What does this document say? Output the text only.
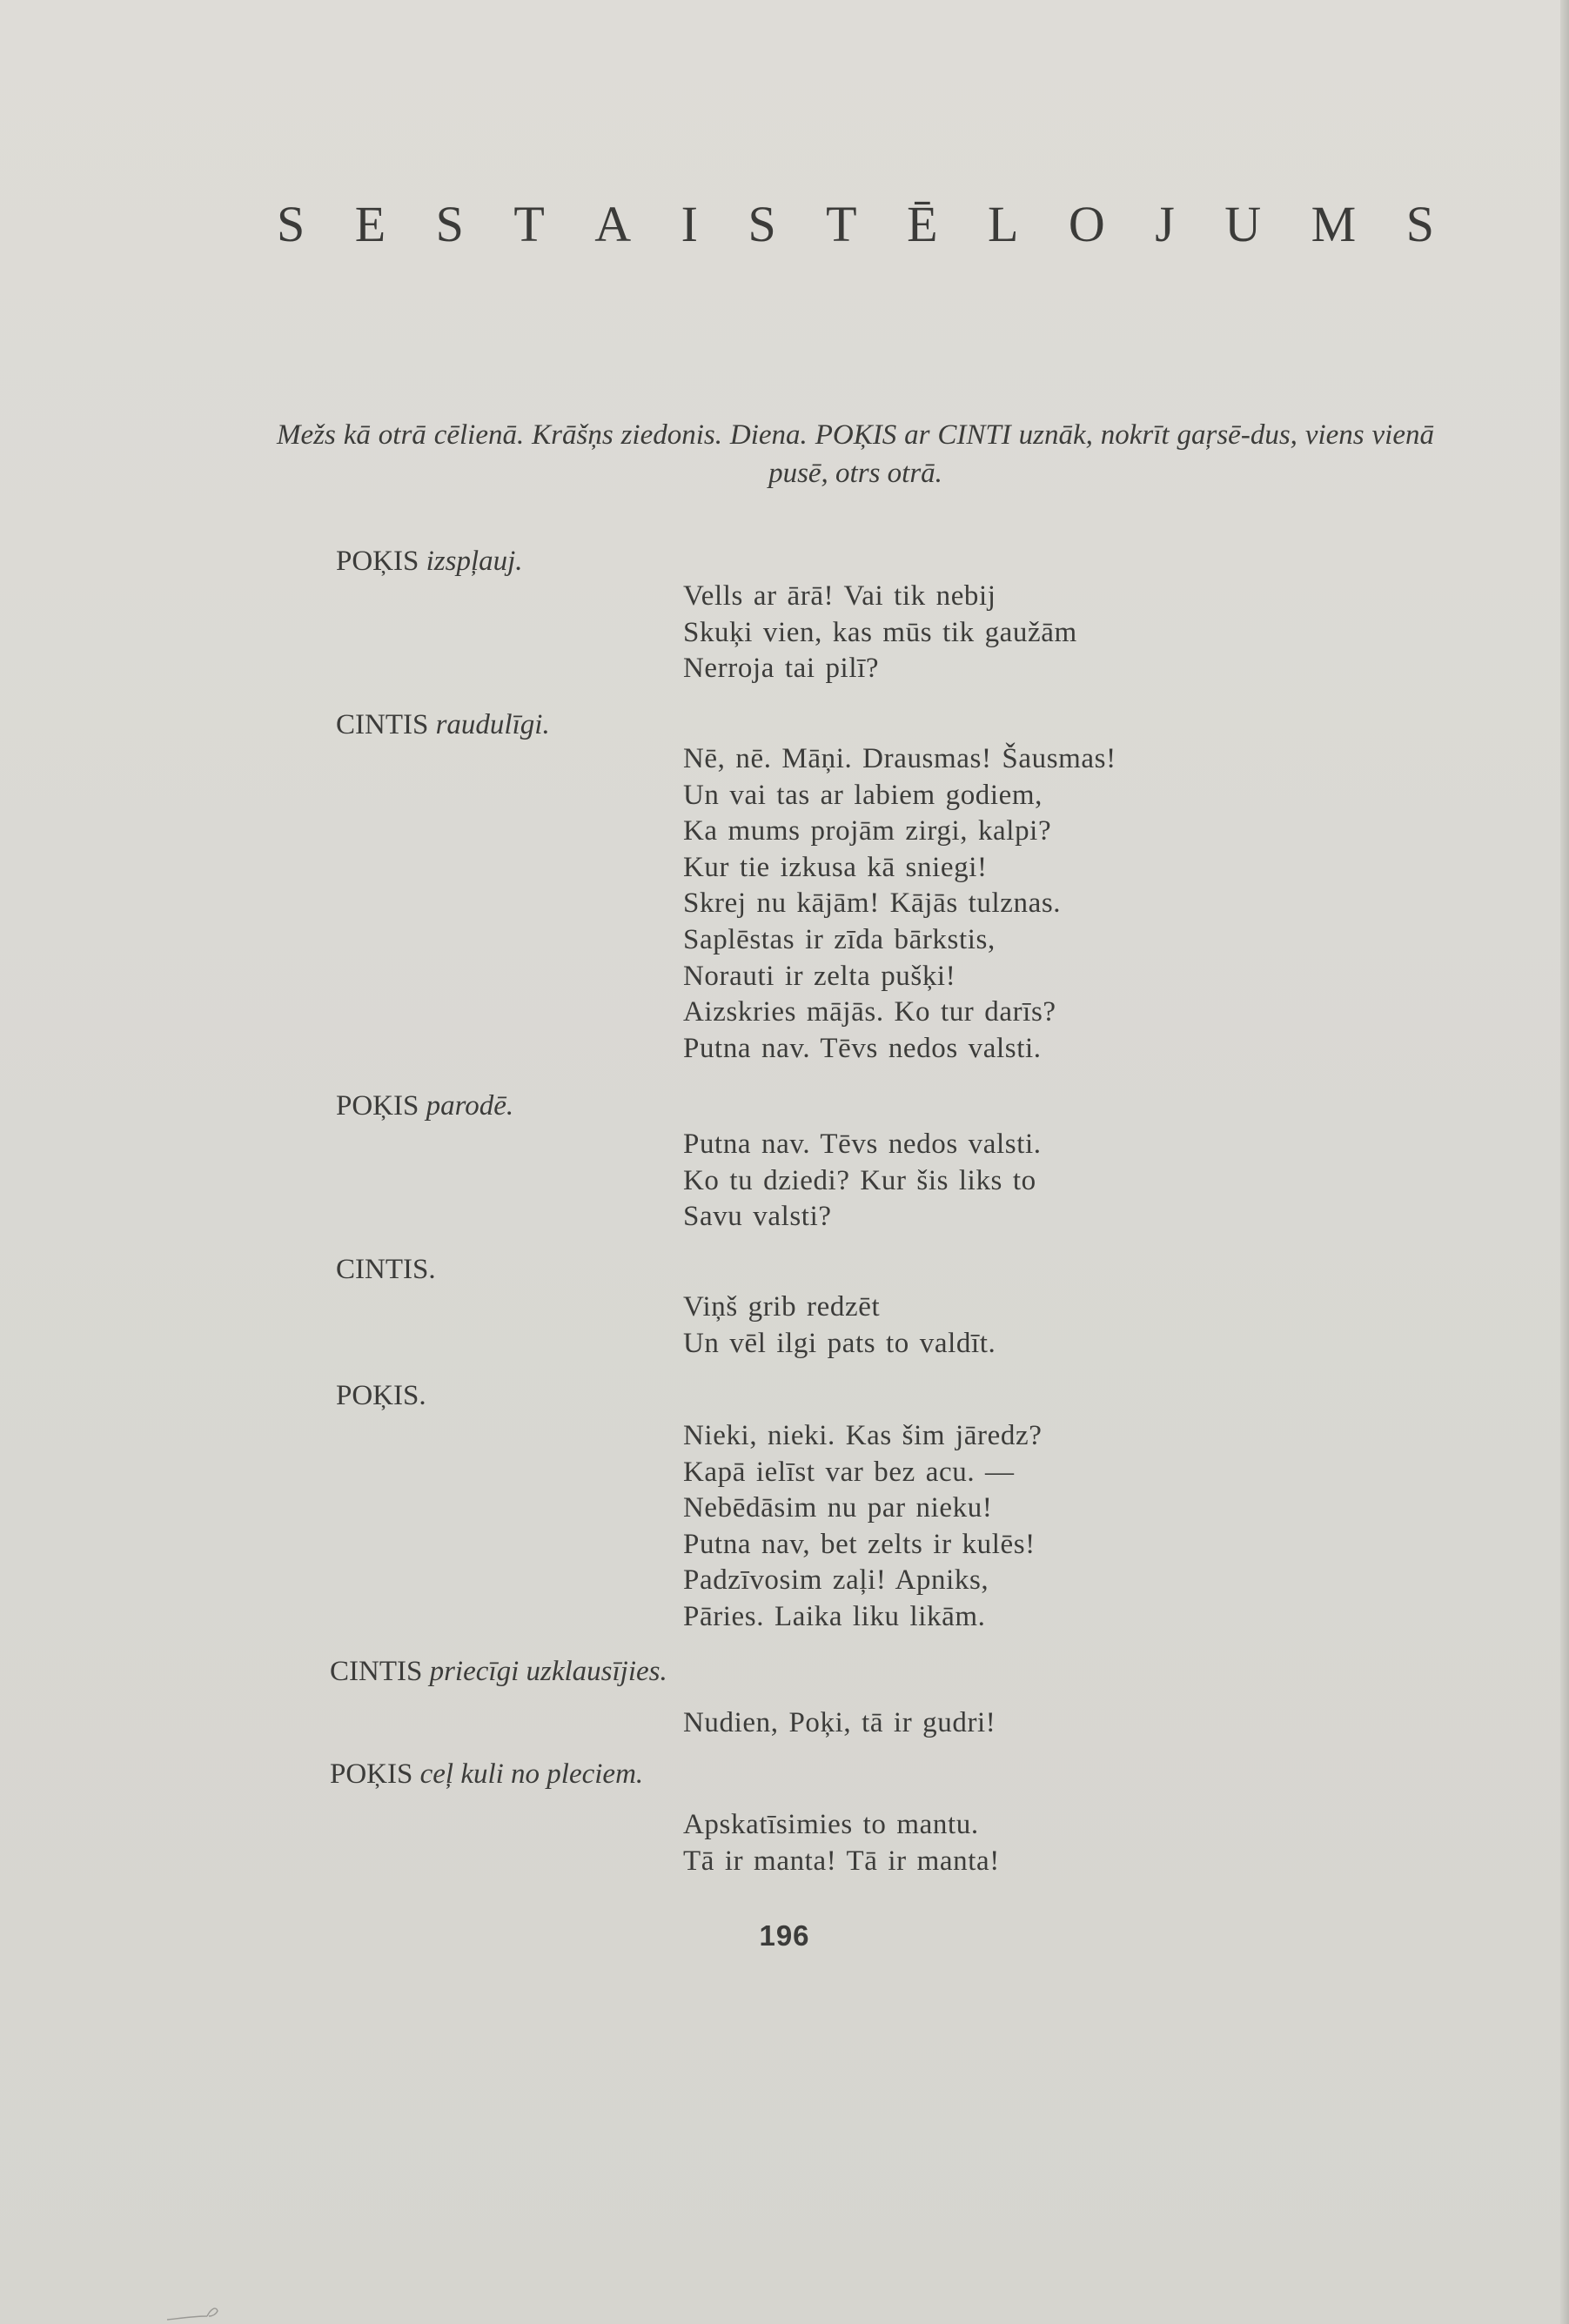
S E S T A I S T Ē L O J U M S
Mežs kā otrā cēlienā. Krāšņs ziedonis. Diena. POĶIS ar CINTI uznāk, nokrīt gaŗsē-dus, viens vienā pusē, otrs otrā.
POĶIS izspļauj.
Vells ar ārā! Vai tik nebij
Skuķi vien, kas mūs tik gaužām
Nerroja tai pilī?
CINTIS raudulīgi.
Nē, nē. Māņi. Drausmas! Šausmas!
Un vai tas ar labiem godiem,
Ka mums projām zirgi, kalpi?
Kur tie izkusa kā sniegi!
Skrej nu kājām! Kājās tulznas.
Saplēstas ir zīda bārkstis,
Norauti ir zelta pušķi!
Aizskries mājās. Ko tur darīs?
Putna nav. Tēvs nedos valsti.
POĶIS parodē.
Putna nav. Tēvs nedos valsti.
Ko tu dziedi? Kur šis liks to
Savu valsti?
CINTIS.
Viņš grib redzēt
Un vēl ilgi pats to valdīt.
POĶIS.
Nieki, nieki. Kas šim jāredz?
Kapā ielīst var bez acu. —
Nebēdāsim nu par nieku!
Putna nav, bet zelts ir kulēs!
Padzīvosim zaļi! Apniks,
Pāries. Laika liku likām.
CINTIS priecīgi uzklausījies.
Nudien, Poķi, tā ir gudri!
POĶIS ceļ kuli no pleciem.
Apskatīsimies to mantu.
Tā ir manta! Tā ir manta!
196
